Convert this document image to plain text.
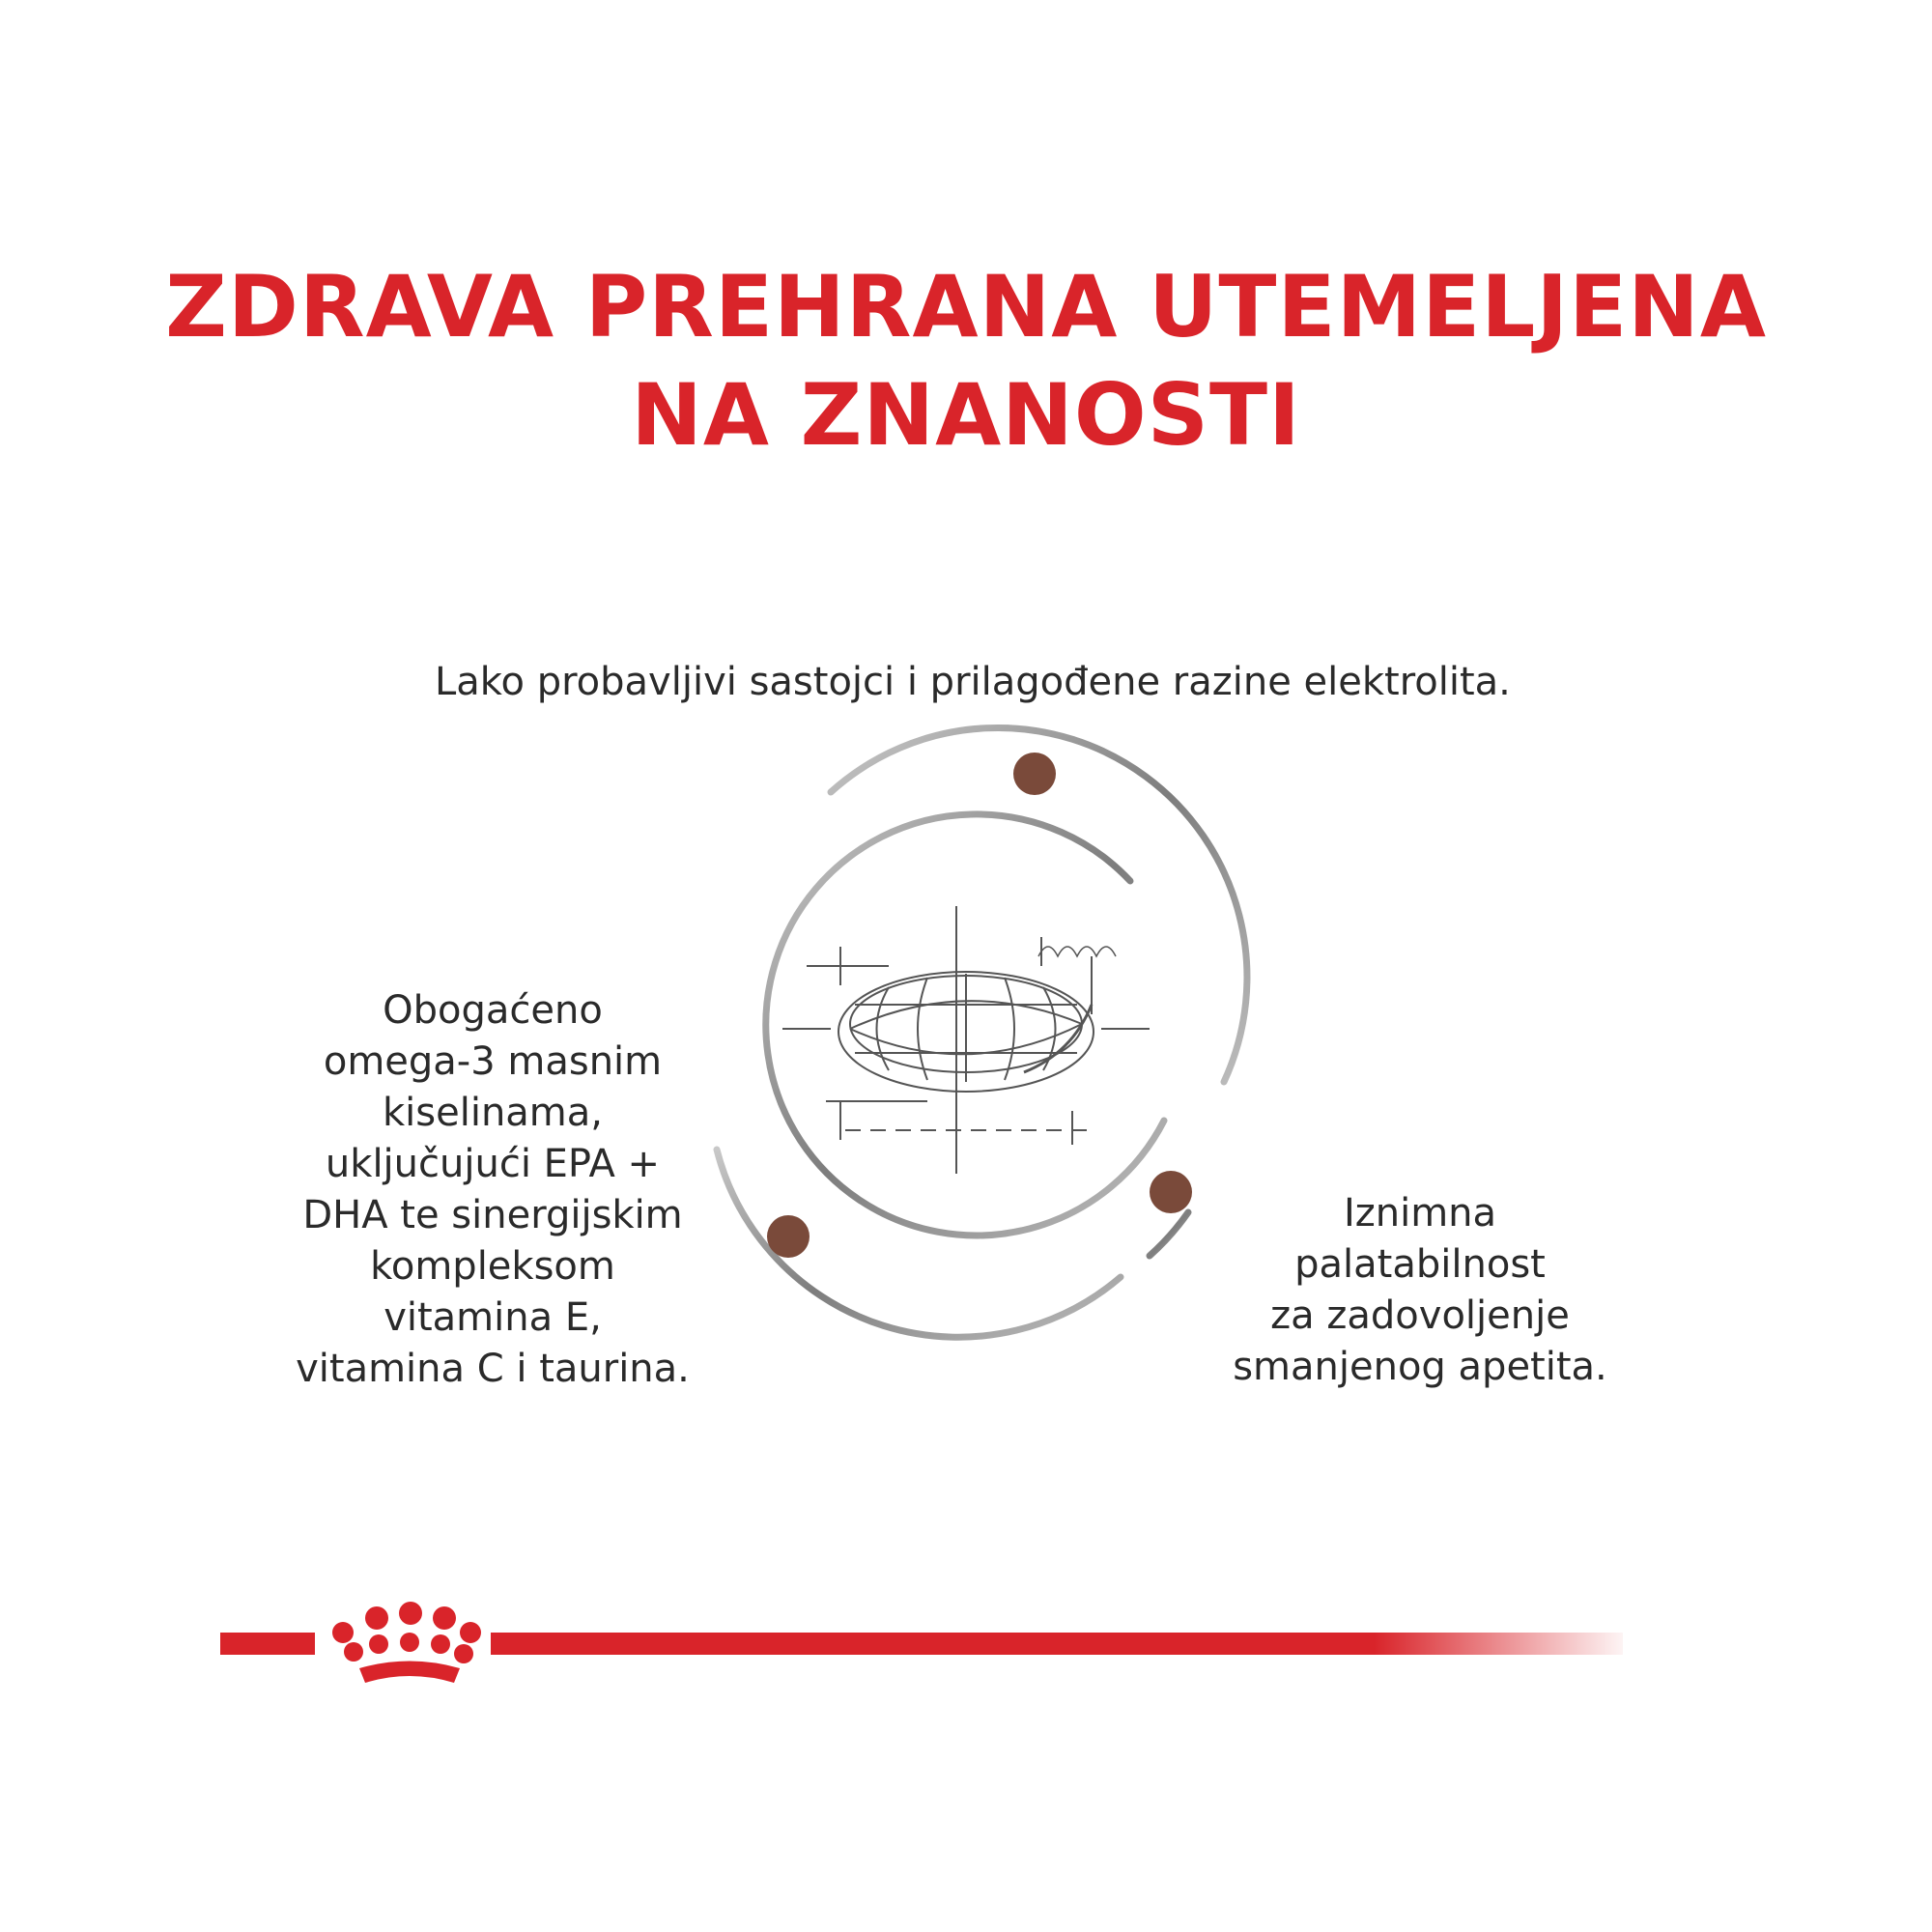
ZDRAVA PREHRANA UTEMELJENA
NA ZNANOSTI
Lako probavljivi sastojci i prilagođene razine elektrolita.
Obogaćeno
omega-3 masnim
kiselinama,
uključujući EPA +
DHA te sinergijskim
kompleksom
vitamina E,
vitamina C i taurina.
Iznimna
palatabilnost
za zadovoljenje
smanjenog apetita.
